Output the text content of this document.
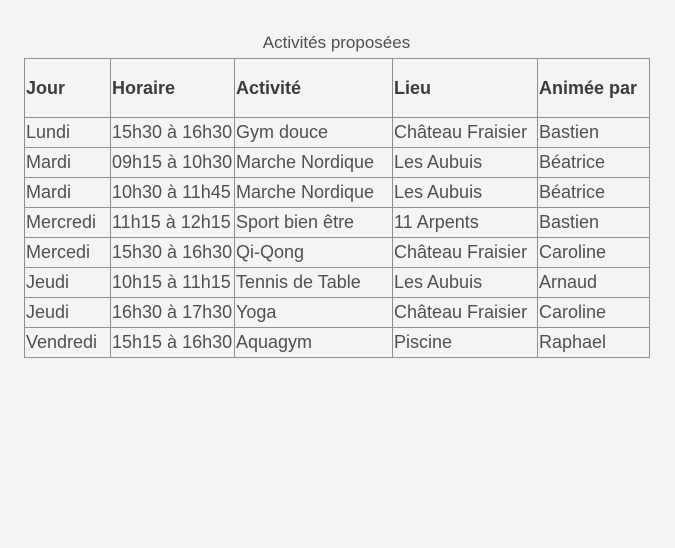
Activités proposées
Jour	Horaire	Activité	Lieu	Animée par
Lundi	15h30 à 16h30	Gym douce	Château Fraisier	Bastien
Mardi	09h15 à 10h30	Marche Nordique	Les Aubuis	Béatrice
Mardi	10h30 à 11h45	Marche Nordique	Les Aubuis	Béatrice
Mercredi	11h15 à 12h15	Sport bien être	11 Arpents	Bastien
Mercedi	15h30 à 16h30	Qi-Qong	Château Fraisier	Caroline
Jeudi	10h15 à 11h15	Tennis de Table	Les Aubuis	Arnaud
Jeudi	16h30 à 17h30	Yoga	Château Fraisier	Caroline
Vendredi	15h15 à 16h30	Aquagym	Piscine	Raphael
